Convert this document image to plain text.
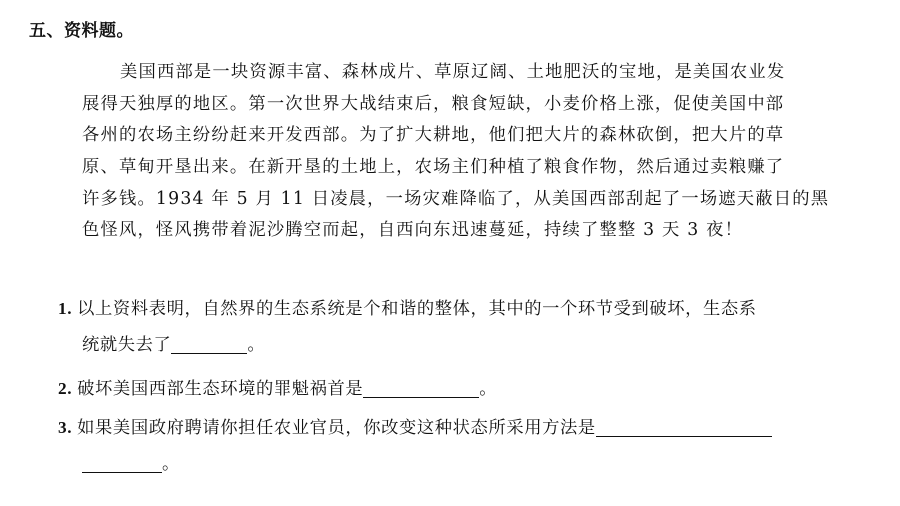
五、资料题。
美国西部是一块资源丰富、森林成片、草原辽阔、土地肥沃的宝地，是美国农业发
展得天独厚的地区。第一次世界大战结束后，粮食短缺，小麦价格上涨，促使美国中部
各州的农场主纷纷赶来开发西部。为了扩大耕地，他们把大片的森林砍倒，把大片的草
原、草甸开垦出来。在新开垦的土地上，农场主们种植了粮食作物，然后通过卖粮赚了
许多钱。1934 年 5 月 11 日凌晨，一场灾难降临了，从美国西部刮起了一场遮天蔽日的黑
色怪风，怪风携带着泥沙腾空而起，自西向东迅速蔓延，持续了整整 3 天 3 夜！
1. 以上资料表明，自然界的生态系统是个和谐的整体，其中的一个环节受到破坏，生态系
统就失去了	。
2. 破坏美国西部生态环境的罪魁祸首是	。
3. 如果美国政府聘请你担任农业官员，你改变这种状态所采用方法是
。
